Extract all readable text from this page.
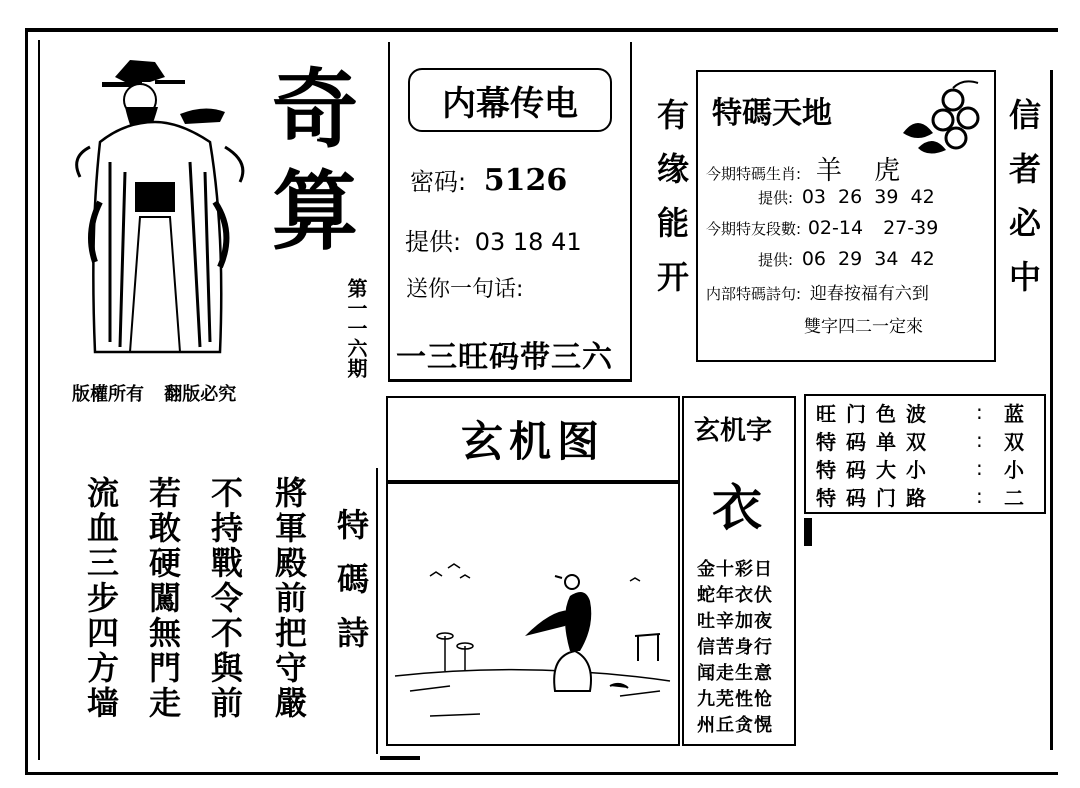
奇
算
第一一六期
版權所有 翻版必究
内幕传电
密码: 5126
提供: 03 18 41
送你一句话:
一三旺码带三六
有缘能开	信者必中
特碼天地
今期特碼生肖: 羊 虎
提供: 03 26 39 42
今期特友段數: 02-14 27-39
提供: 06 29 34 42
内部特碼詩句: 迎春按福有六到
雙字四二一定來
旺门色波	:	蓝
特码单双	:	双
特码大小	:	小
特码门路	:	二
玄机图	玄机字
衣
金十彩日
蛇年衣伏
吐辛加夜
信苦身行
闻走生意
九芜性怆
州丘贪愰
特碼詩
將軍殿前把守嚴
不持戰令不與前
若敢硬闖無門走
流血三步四方墙
